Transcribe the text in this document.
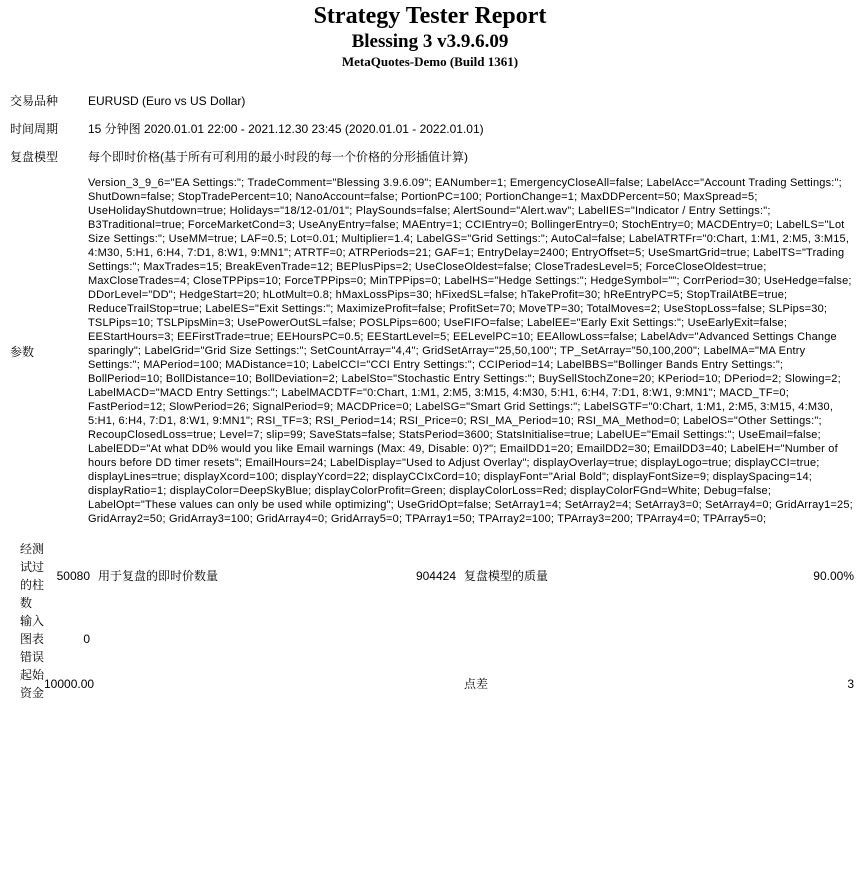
Strategy Tester Report
Blessing 3 v3.9.6.09
MetaQuotes-Demo (Build 1361)
交易品种	EURUSD (Euro vs US Dollar)
时间周期	15 分钟图 2020.01.01 22:00 - 2021.12.30 23:45 (2020.01.01 - 2022.01.01)
复盘模型	每个即时价格(基于所有可利用的最小时段的每一个价格的分形插值计算)
参数	Version_3_9_6="EA Settings:"; TradeComment="Blessing 3.9.6.09"; EANumber=1; EmergencyCloseAll=false; LabelAcc="Account Trading Settings:"; ShutDown=false; StopTradePercent=10; NanoAccount=false; PortionPC=100; PortionChange=1; MaxDDPercent=50; MaxSpread=5; UseHolidayShutdown=true; Holidays="18/12-01/01"; PlaySounds=false; AlertSound="Alert.wav"; LabelIES="Indicator / Entry Settings:"; B3Traditional=true; ForceMarketCond=3; UseAnyEntry=false; MAEntry=1; CCIEntry=0; BollingerEntry=0; StochEntry=0; MACDEntry=0; LabelLS="Lot Size Settings:"; UseMM=true; LAF=0.5; Lot=0.01; Multiplier=1.4; LabelGS="Grid Settings:"; AutoCal=false; LabelATRTFr="0:Chart, 1:M1, 2:M5, 3:M15, 4:M30, 5:H1, 6:H4, 7:D1, 8:W1, 9:MN1"; ATRTF=0; ATRPeriods=21; GAF=1; EntryDelay=2400; EntryOffset=5; UseSmartGrid=true; LabelTS="Trading Settings:"; MaxTrades=15; BreakEvenTrade=12; BEPlusPips=2; UseCloseOldest=false; CloseTradesLevel=5; ForceCloseOldest=true; MaxCloseTrades=4; CloseTPPips=10; ForceTPPips=0; MinTPPips=0; LabelHS="Hedge Settings:"; HedgeSymbol=""; CorrPeriod=30; UseHedge=false; DDorLevel="DD"; HedgeStart=20; hLotMult=0.8; hMaxLossPips=30; hFixedSL=false; hTakeProfit=30; hReEntryPC=5; StopTrailAtBE=true; ReduceTrailStop=true; LabelES="Exit Settings:"; MaximizeProfit=false; ProfitSet=70; MoveTP=30; TotalMoves=2; UseStopLoss=false; SLPips=30; TSLPips=10; TSLPipsMin=3; UsePowerOutSL=false; POSLPips=600; UseFIFO=false; LabelEE="Early Exit Settings:"; UseEarlyExit=false; EEStartHours=3; EEFirstTrade=true; EEHoursPC=0.5; EEStartLevel=5; EELevelPC=10; EEAllowLoss=false; LabelAdv="Advanced Settings Change sparingly"; LabelGrid="Grid Size Settings:"; SetCountArray="4,4"; GridSetArray="25,50,100"; TP_SetArray="50,100,200"; LabelMA="MA Entry Settings:"; MAPeriod=100; MADistance=10; LabelCCI="CCI Entry Settings:"; CCIPeriod=14; LabelBBS="Bollinger Bands Entry Settings:"; BollPeriod=10; BollDistance=10; BollDeviation=2; LabelSto="Stochastic Entry Settings:"; BuySellStochZone=20; KPeriod=10; DPeriod=2; Slowing=2; LabelMACD="MACD Entry Settings:"; LabelMACDTF="0:Chart, 1:M1, 2:M5, 3:M15, 4:M30, 5:H1, 6:H4, 7:D1, 8:W1, 9:MN1"; MACD_TF=0; FastPeriod=12; SlowPeriod=26; SignalPeriod=9; MACDPrice=0; LabelSG="Smart Grid Settings:"; LabelSGTF="0:Chart, 1:M1, 2:M5, 3:M15, 4:M30, 5:H1, 6:H4, 7:D1, 8:W1, 9:MN1"; RSI_TF=3; RSI_Period=14; RSI_Price=0; RSI_MA_Period=10; RSI_MA_Method=0; LabelOS="Other Settings:"; RecoupClosedLoss=true; Level=7; slip=99; SaveStats=false; StatsPeriod=3600; StatsInitialise=true; LabelUE="Email Settings:"; UseEmail=false; LabelEDD="At what DD% would you like Email warnings (Max: 49, Disable: 0)?"; EmailDD1=20; EmailDD2=30; EmailDD3=40; LabelEH="Number of hours before DD timer resets"; EmailHours=24; LabelDisplay="Used to Adjust Overlay"; displayOverlay=true; displayLogo=true; displayCCI=true; displayLines=true; displayXcord=100; displayYcord=22; displayCCIxCord=10; displayFont="Arial Bold"; displayFontSize=9; displaySpacing=14; displayRatio=1; displayColor=DeepSkyBlue; displayColorProfit=Green; displayColorLoss=Red; displayColorFGnd=White; Debug=false; LabelOpt="These values can only be used while optimizing"; UseGridOpt=false; SetArray1=4; SetArray2=4; SetArray3=0; SetArray4=0; GridArray1=25; GridArray2=50; GridArray3=100; GridArray4=0; GridArray5=0; TPArray1=50; TPArray2=100; TPArray3=200; TPArray4=0; TPArray5=0;
经测试过的柱数	50080	用于复盘的即时价数量	904424	复盘模型的质量	90.00%
输入图表错误	0				
起始资金	10000.00			点差	3
